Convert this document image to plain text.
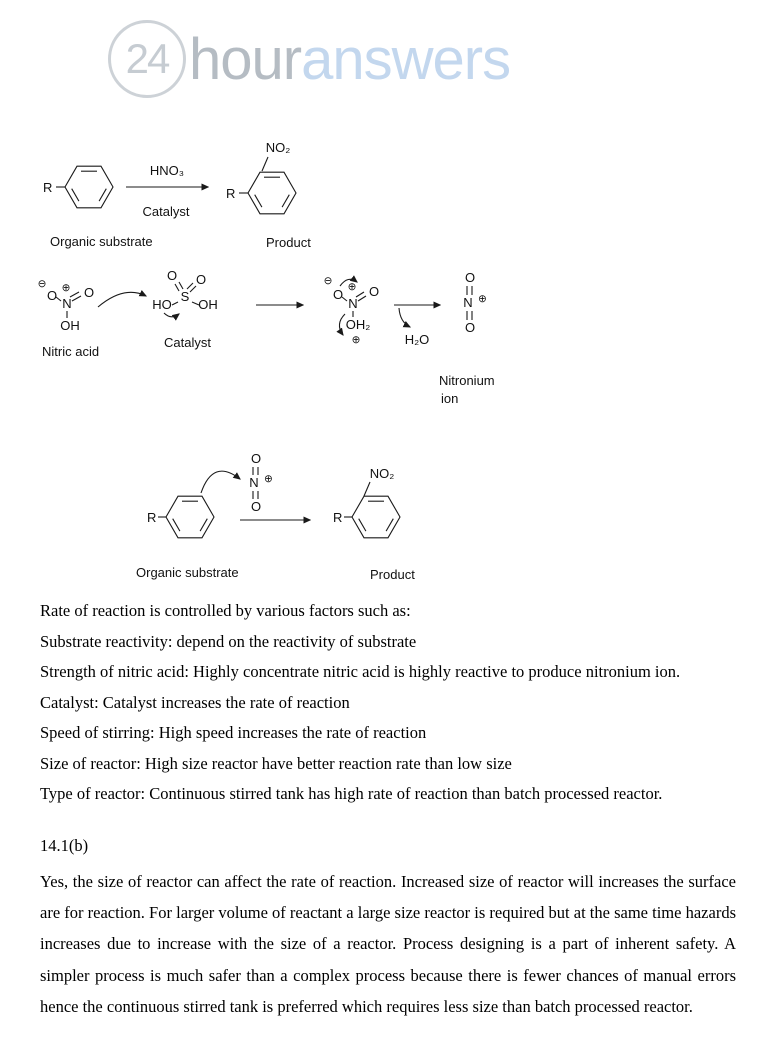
24 houranswers
R
HNO₃
Catalyst
R
NO₂
Organic substrate	Product
⊖
O ⊕
N
O
OH
Nitric acid
O O
S
HO OH
Catalyst
⊖
O ⊕
N
O
OH₂
⊕	H₂O
O
N ⊕
O
Nitronium
ion
O
N ⊕
O
R
Organic substrate
R
NO₂
Product
Rate of reaction is controlled by various factors such as:
Substrate reactivity: depend on the reactivity of substrate
Strength of nitric acid: Highly concentrate nitric acid is highly reactive to produce nitronium ion.
Catalyst: Catalyst increases the rate of reaction
Speed of stirring: High speed increases the rate of reaction
Size of reactor: High size reactor have better reaction rate than low size
Type of reactor: Continuous stirred tank has high rate of reaction than batch processed reactor.
14.1(b)
Yes, the size of reactor can affect the rate of reaction. Increased size of reactor will increases the surface are for reaction. For larger volume of reactant a large size reactor is required but at the same time hazards increases due to increase with the size of a reactor. Process designing is a part of inherent safety. A simpler process is much safer than a complex process because there is fewer chances of manual errors hence the continuous stirred tank is preferred which requires less size than batch processed reactor.
